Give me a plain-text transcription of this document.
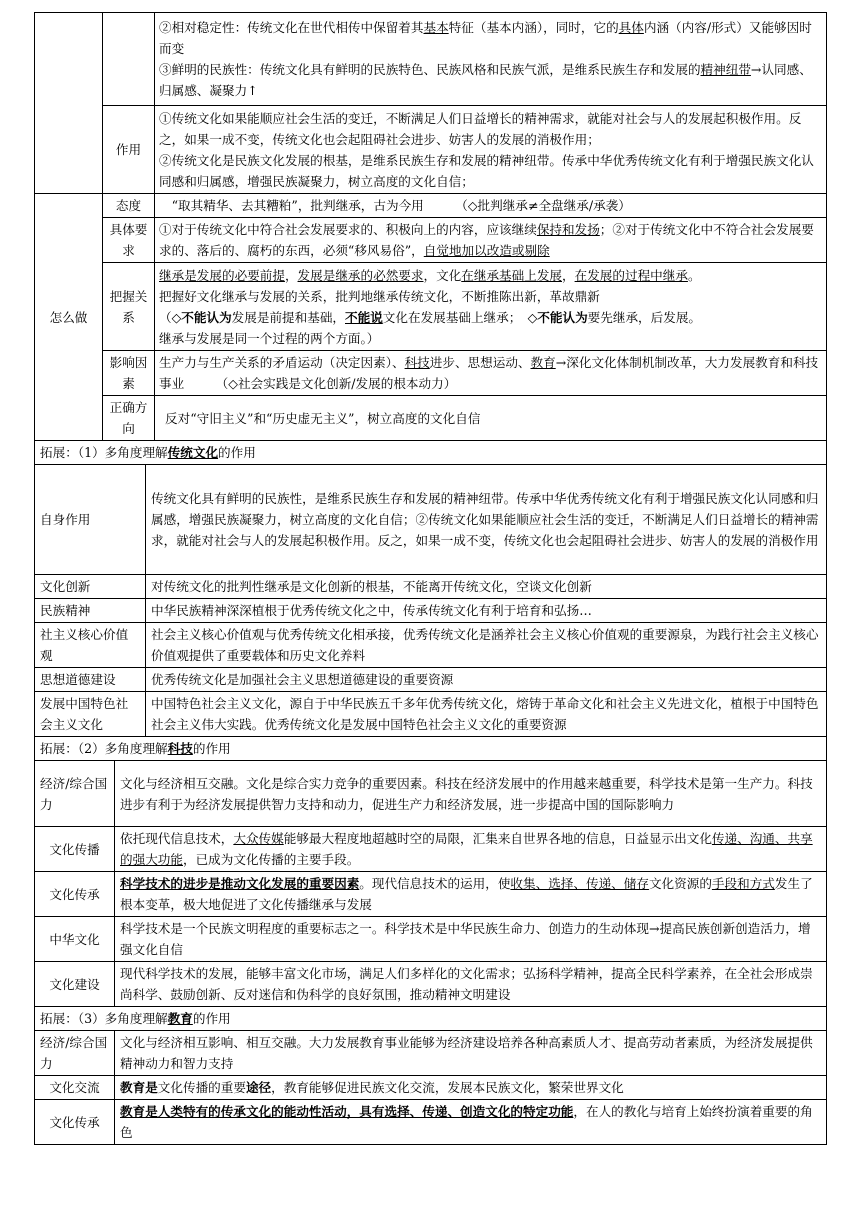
		②相对稳定性：传统文化在世代相传中保留着其基本特征（基本内涵），同时，它的具体内涵（内容/形式）又能够因时而变
③鲜明的民族性：传统文化具有鲜明的民族特色、民族风格和民族气派，是维系民族生存和发展的精神纽带→认同感、归属感、凝聚力↑

	作用	①传统文化如果能顺应社会生活的变迁，不断满足人们日益增长的精神需求，就能对社会与人的发展起积极作用。反之，如果一成不变，传统文化也会起阻碍社会进步、妨害人的发展的消极作用；
②传统文化是民族文化发展的根基，是维系民族生存和发展的精神纽带。传承中华优秀传统文化有利于增强民族文化认同感和归属感，增强民族凝聚力，树立高度的文化自信；

怎么做	态度	“取其精华、去其糟粕”，批判继承，古为今用　　　 （◇批判继承≠全盘继承/承袭）
	具体要求	①对于传统文化中符合社会发展要求的、积极向上的内容，应该继续保持和发扬；②对于传统文化中不符合社会发展要求的、落后的、腐朽的东西，必须“移风易俗”，自觉地加以改造或剔除
	把握关系	继承是发展的必要前提，发展是继承的必然要求，文化在继承基础上发展，在发展的过程中继承。
把握好文化继承与发展的关系，批判地继承传统文化，不断推陈出新，革故鼎新
（◇不能认为发展是前提和基础，不能说文化在发展基础上继承；　◇不能认为要先继承，后发展。
继承与发展是同一个过程的两个方面。）

	影响因素	生产力与生产关系的矛盾运动（决定因素）、科技进步、思想运动、教育→深化文化体制机制改革，大力发展教育和科技事业　　　 （◇社会实践是文化创新/发展的根本动力）
	正确方向	反对“守旧主义”和“历史虚无主义”，树立高度的文化自信
拓展：（1）多角度理解传统文化的作用	
自身作用	传统文化具有鲜明的民族性，是维系民族生存和发展的精神纽带。传承中华优秀传统文化有利于增强民族文化认同感和归属感，增强民族凝聚力，树立高度的文化自信；②传统文化如果能顺应社会生活的变迁，不断满足人们日益增长的精神需求，就能对社会与人的发展起积极作用。反之，如果一成不变，传统文化也会起阻碍社会进步、妨害人的发展的消极作用
文化创新	对传统文化的批判性继承是文化创新的根基，不能离开传统文化，空谈文化创新
民族精神	中华民族精神深深植根于优秀传统文化之中，传承传统文化有利于培育和弘扬…
社主义核心价值观	社会主义核心价值观与优秀传统文化相承接，优秀传统文化是涵养社会主义核心价值观的重要源泉，为践行社会主义核心价值观提供了重要载体和历史文化养料
思想道德建设	优秀传统文化是加强社会主义思想道德建设的重要资源
发展中国特色社会主义文化	中国特色社会主义文化，源自于中华民族五千多年优秀传统文化，熔铸于革命文化和社会主义先进文化，植根于中国特色社会主义伟大实践。优秀传统文化是发展中国特色社会主义文化的重要资源
拓展：（2）多角度理解科技的作用	
经济/综合国力	文化与经济相互交融。文化是综合实力竞争的重要因素。科技在经济发展中的作用越来越重要，科学技术是第一生产力。科技进步有利于为经济发展提供智力支持和动力，促进生产力和经济发展，进一步提高中国的国际影响力
文化传播	依托现代信息技术，大众传媒能够最大程度地超越时空的局限，汇集来自世界各地的信息，日益显示出文化传递、沟通、共享的强大功能，已成为文化传播的主要手段。
文化传承	科学技术的进步是推动文化发展的重要因素。现代信息技术的运用，使收集、选择、传递、储存文化资源的手段和方式发生了根本变革，极大地促进了文化传播继承与发展
中华文化	科学技术是一个民族文明程度的重要标志之一。科学技术是中华民族生命力、创造力的生动体现→提高民族创新创造活力，增强文化自信
文化建设	现代科学技术的发展，能够丰富文化市场，满足人们多样化的文化需求；弘扬科学精神，提高全民科学素养，在全社会形成崇尚科学、鼓励创新、反对迷信和伪科学的良好氛围，推动精神文明建设
拓展：（3）多角度理解教育的作用	
经济/综合国力	文化与经济相互影响、相互交融。大力发展教育事业能够为经济建设培养各种高素质人才、提高劳动者素质，为经济发展提供精神动力和智力支持
文化交流	教育是文化传播的重要途径，教育能够促进民族文化交流，发展本民族文化，繁荣世界文化
文化传承	教育是人类特有的传承文化的能动性活动，具有选择、传递、创造文化的特定功能，在人的教化与培育上始终扮演着重要的角色
